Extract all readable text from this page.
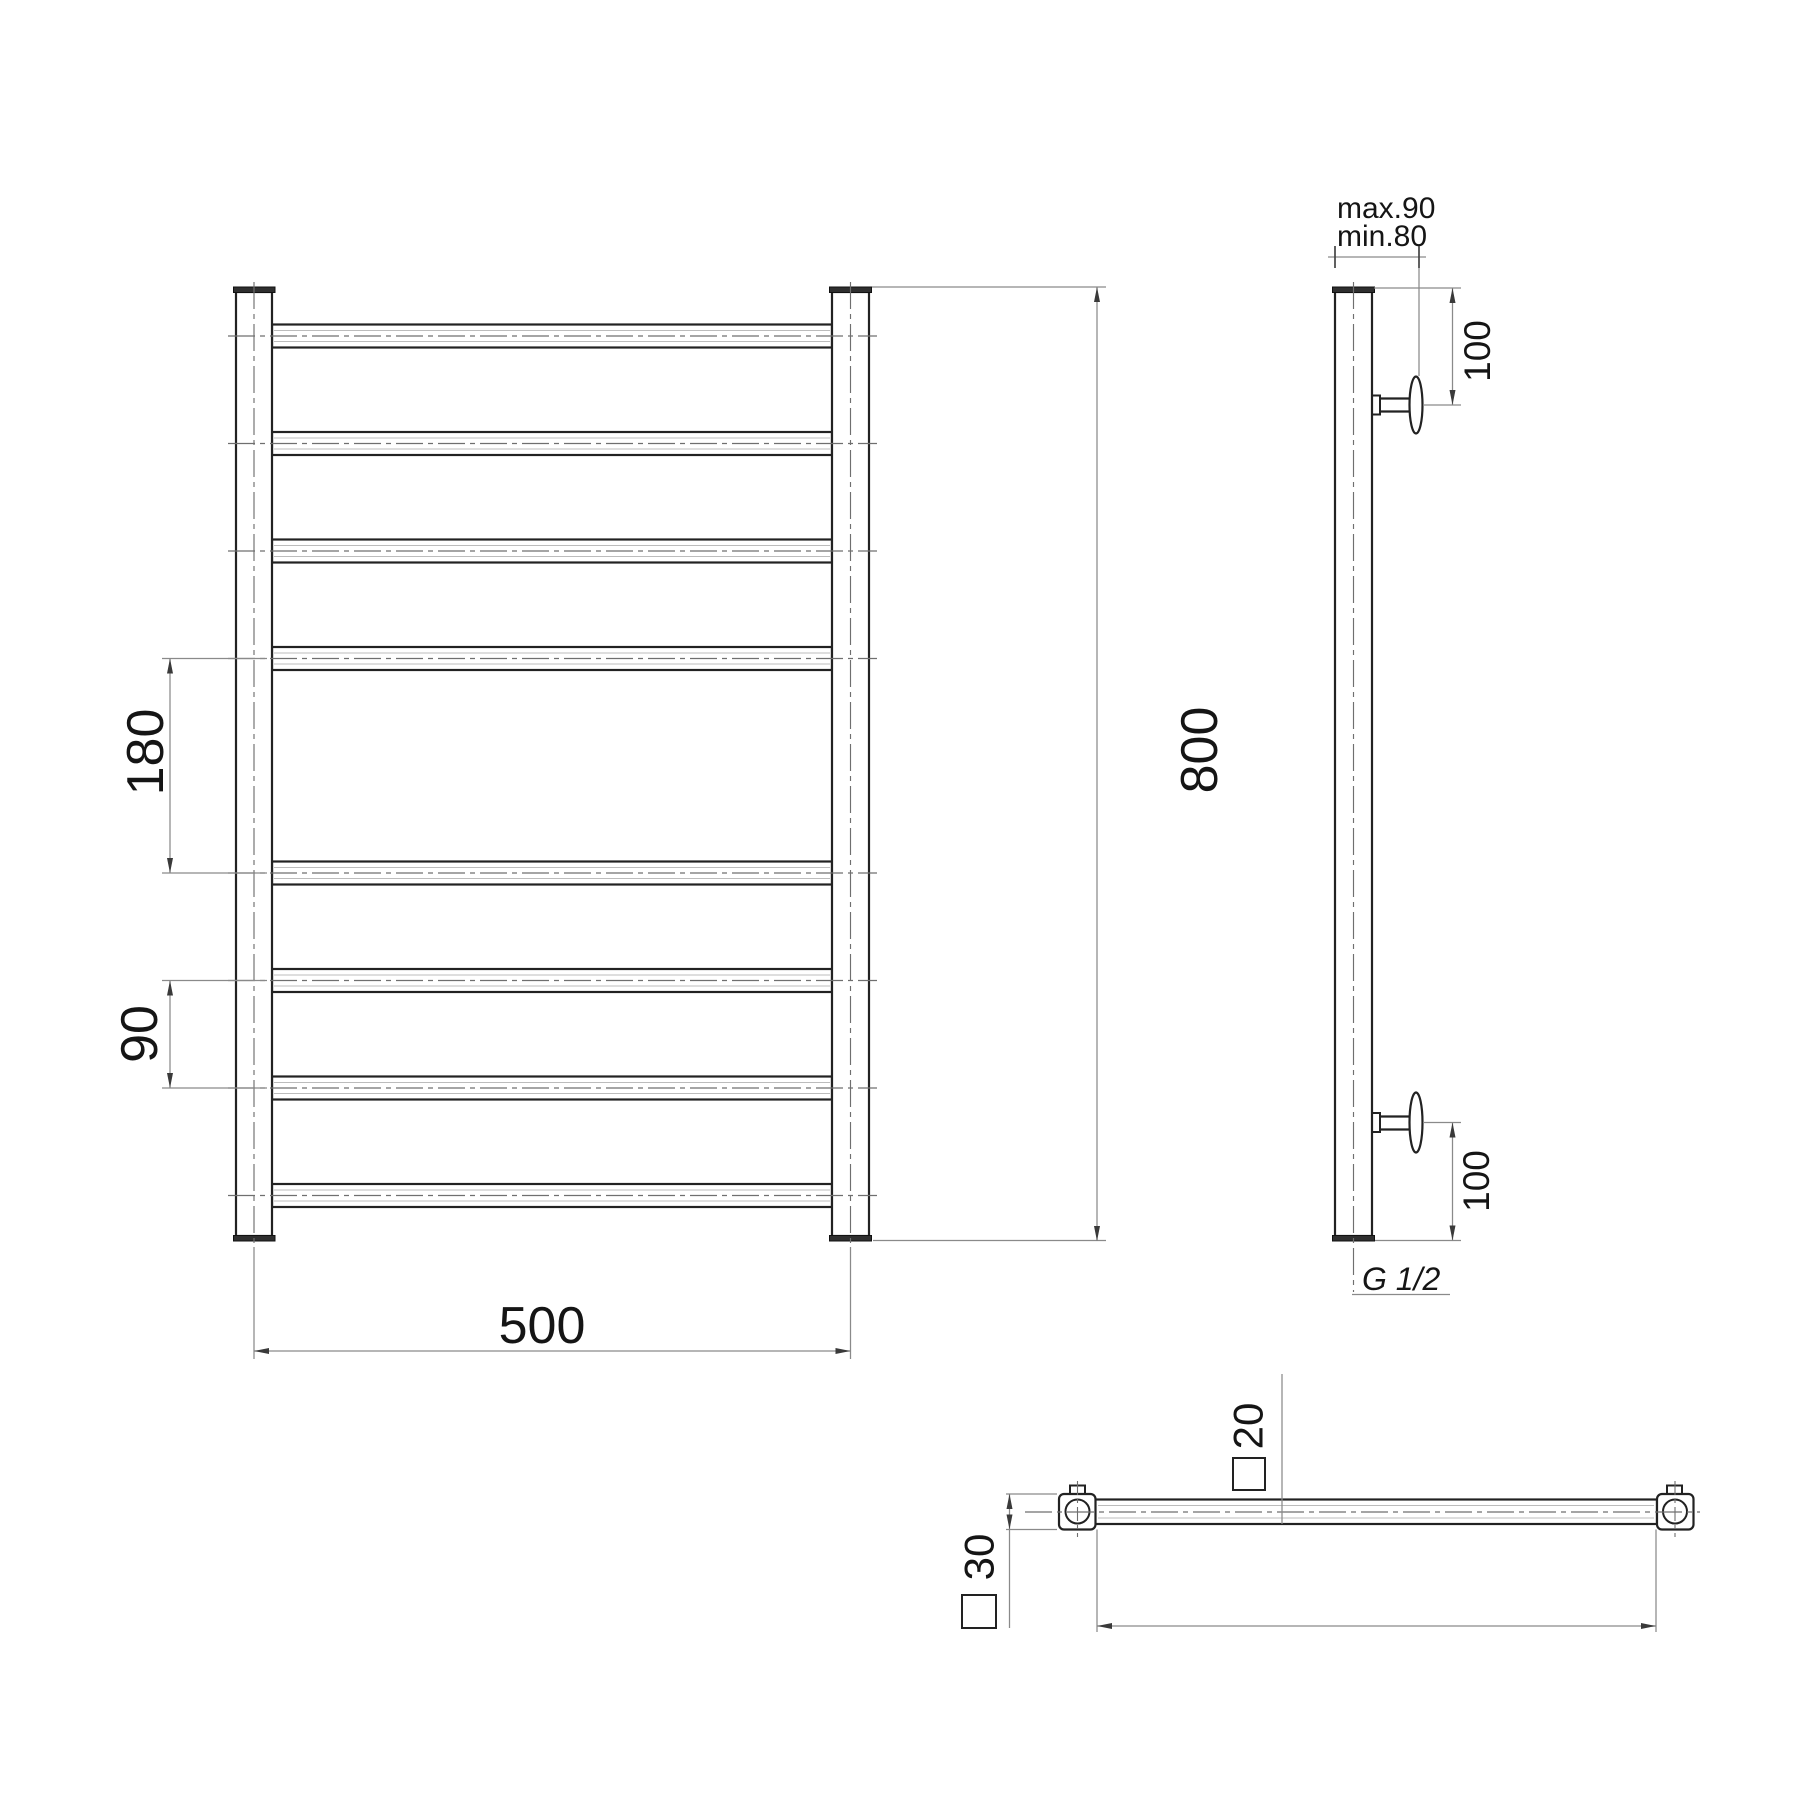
500
800
180
90
max.90
min.80
100
100
G 1/2
30
20
